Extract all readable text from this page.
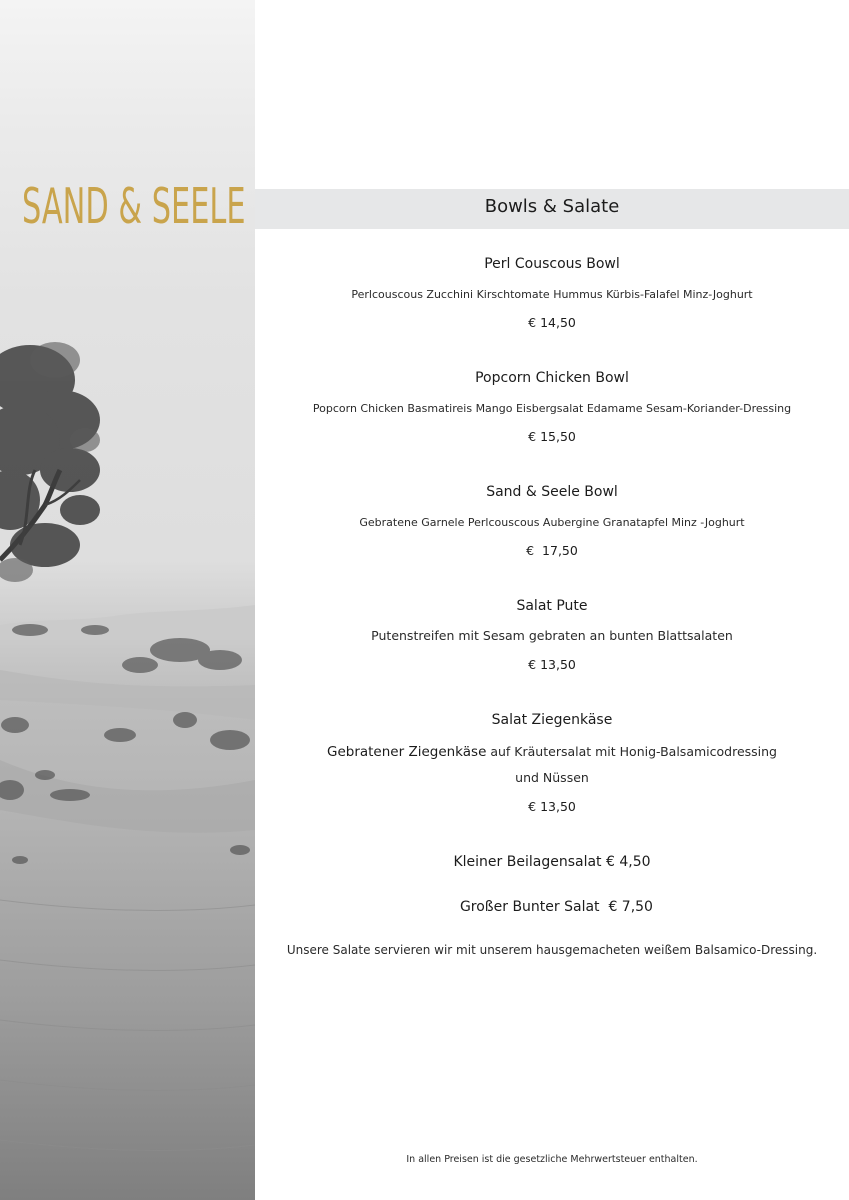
SAND & SEELE	Bowls & Salate
Perl Couscous Bowl
Perlcouscous Zucchini Kirschtomate Hummus Kürbis-Falafel Minz-Joghurt
€ 14,50
Popcorn Chicken Bowl
Popcorn Chicken Basmatireis Mango Eisbergsalat Edamame Sesam-Koriander-Dressing
€ 15,50
Sand & Seele Bowl
Gebratene Garnele Perlcouscous Aubergine Granatapfel Minz -Joghurt
€  17,50
Salat Pute
Putenstreifen mit Sesam gebraten an bunten Blattsalaten
€ 13,50
Salat Ziegenkäse
Gebratener Ziegenkäse auf Kräutersalat mit Honig-Balsamicodressing
und Nüssen
€ 13,50
Kleiner Beilagensalat € 4,50

Großer Bunter Salat  € 7,50

Unsere Salate servieren wir mit unserem hausgemacheten weißem Balsamico-Dressing.
In allen Preisen ist die gesetzliche Mehrwertsteuer enthalten.
